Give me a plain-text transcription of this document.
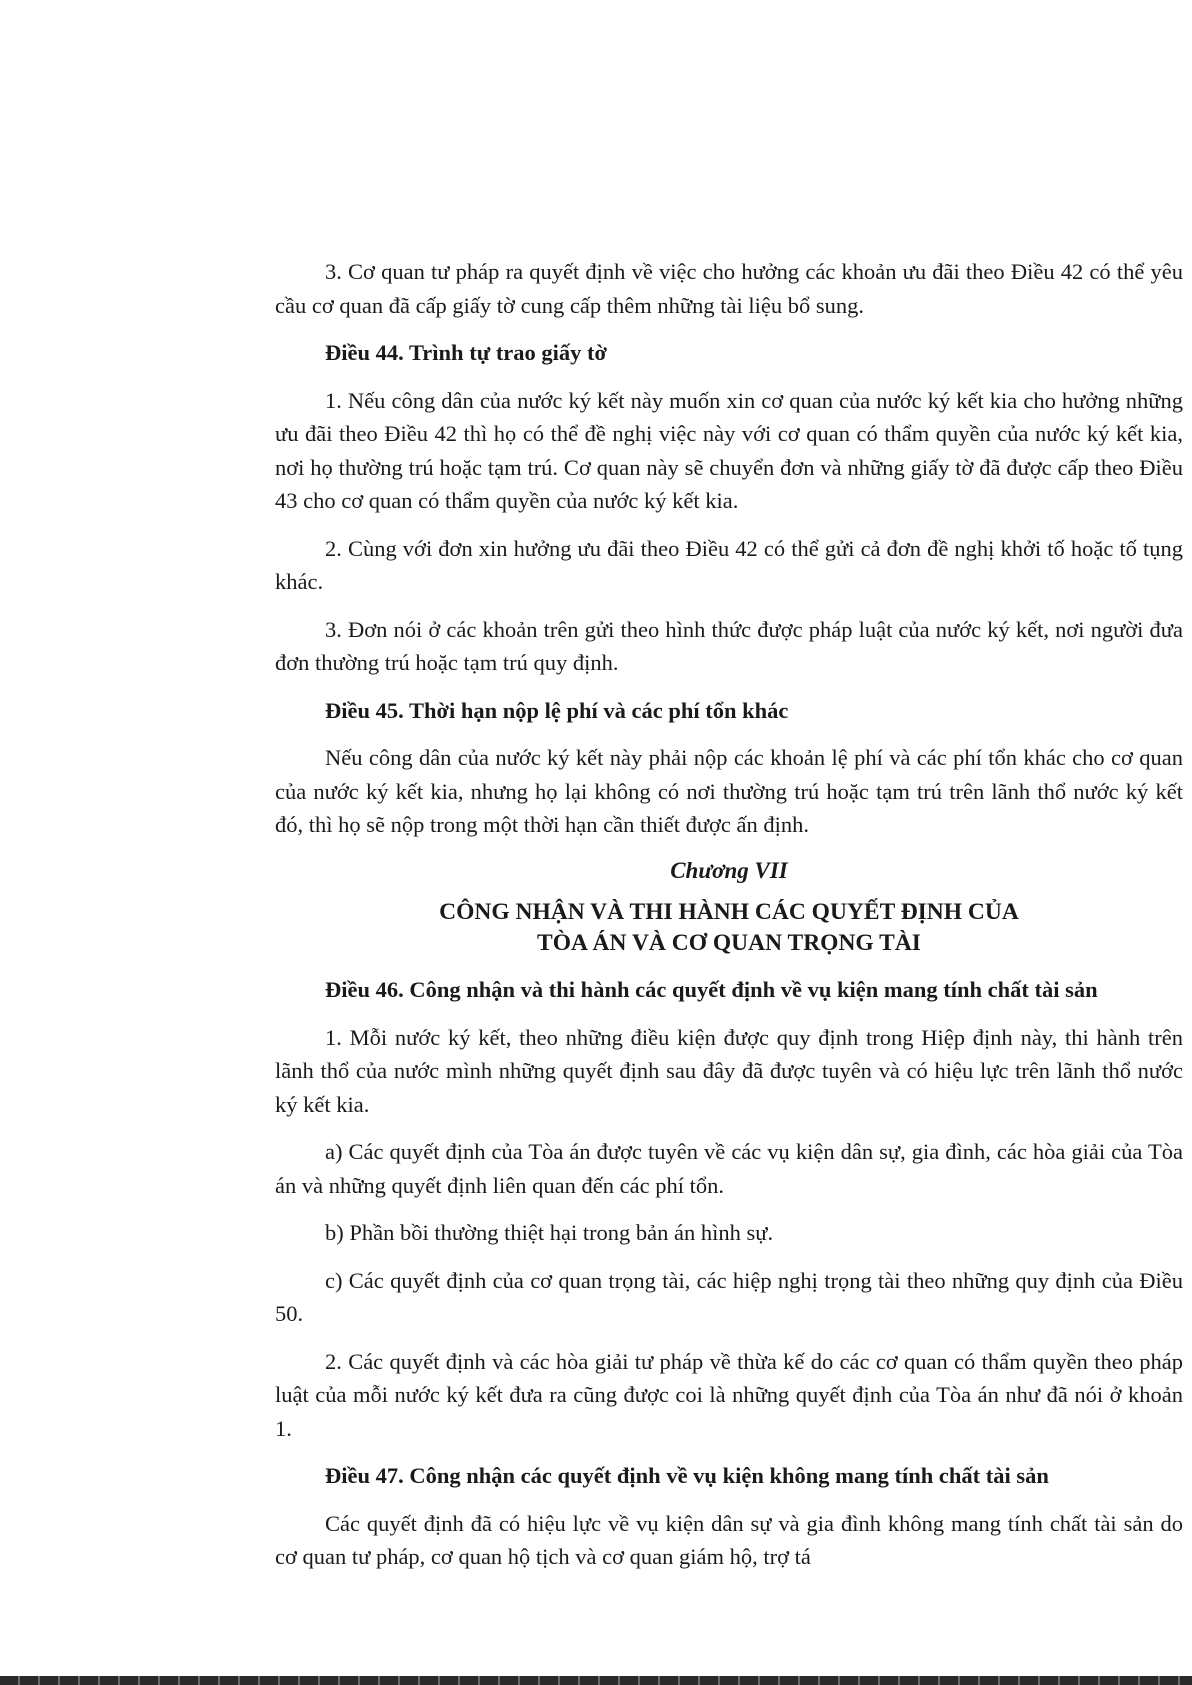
3. Cơ quan tư pháp ra quyết định về việc cho hưởng các khoản ưu đãi theo Điều 42 có thể yêu cầu cơ quan đã cấp giấy tờ cung cấp thêm những tài liệu bổ sung.

Điều 44. Trình tự trao giấy tờ

1. Nếu công dân của nước ký kết này muốn xin cơ quan của nước ký kết kia cho hưởng những ưu đãi theo Điều 42 thì họ có thể đề nghị việc này với cơ quan có thẩm quyền của nước ký kết kia, nơi họ thường trú hoặc tạm trú. Cơ quan này sẽ chuyển đơn và những giấy tờ đã được cấp theo Điều 43 cho cơ quan có thẩm quyền của nước ký kết kia.

2. Cùng với đơn xin hưởng ưu đãi theo Điều 42 có thể gửi cả đơn đề nghị khởi tố hoặc tố tụng khác.

3. Đơn nói ở các khoản trên gửi theo hình thức được pháp luật của nước ký kết, nơi người đưa đơn thường trú hoặc tạm trú quy định.

Điều 45. Thời hạn nộp lệ phí và các phí tổn khác

Nếu công dân của nước ký kết này phải nộp các khoản lệ phí và các phí tổn khác cho cơ quan của nước ký kết kia, nhưng họ lại không có nơi thường trú hoặc tạm trú trên lãnh thổ nước ký kết đó, thì họ sẽ nộp trong một thời hạn cần thiết được ấn định.

Chương VII
CÔNG NHẬN VÀ THI HÀNH CÁC QUYẾT ĐỊNH CỦA
TÒA ÁN VÀ CƠ QUAN TRỌNG TÀI

Điều 46. Công nhận và thi hành các quyết định về vụ kiện mang tính chất tài sản

1. Mỗi nước ký kết, theo những điều kiện được quy định trong Hiệp định này, thi hành trên lãnh thổ của nước mình những quyết định sau đây đã được tuyên và có hiệu lực trên lãnh thổ nước ký kết kia.

a) Các quyết định của Tòa án được tuyên về các vụ kiện dân sự, gia đình, các hòa giải của Tòa án và những quyết định liên quan đến các phí tổn.

b) Phần bồi thường thiệt hại trong bản án hình sự.

c) Các quyết định của cơ quan trọng tài, các hiệp nghị trọng tài theo những quy định của Điều 50.

2. Các quyết định và các hòa giải tư pháp về thừa kế do các cơ quan có thẩm quyền theo pháp luật của mỗi nước ký kết đưa ra cũng được coi là những quyết định của Tòa án như đã nói ở khoản 1.

Điều 47. Công nhận các quyết định về vụ kiện không mang tính chất tài sản

Các quyết định đã có hiệu lực về vụ kiện dân sự và gia đình không mang tính chất tài sản do cơ quan tư pháp, cơ quan hộ tịch và cơ quan giám hộ, trợ tá
